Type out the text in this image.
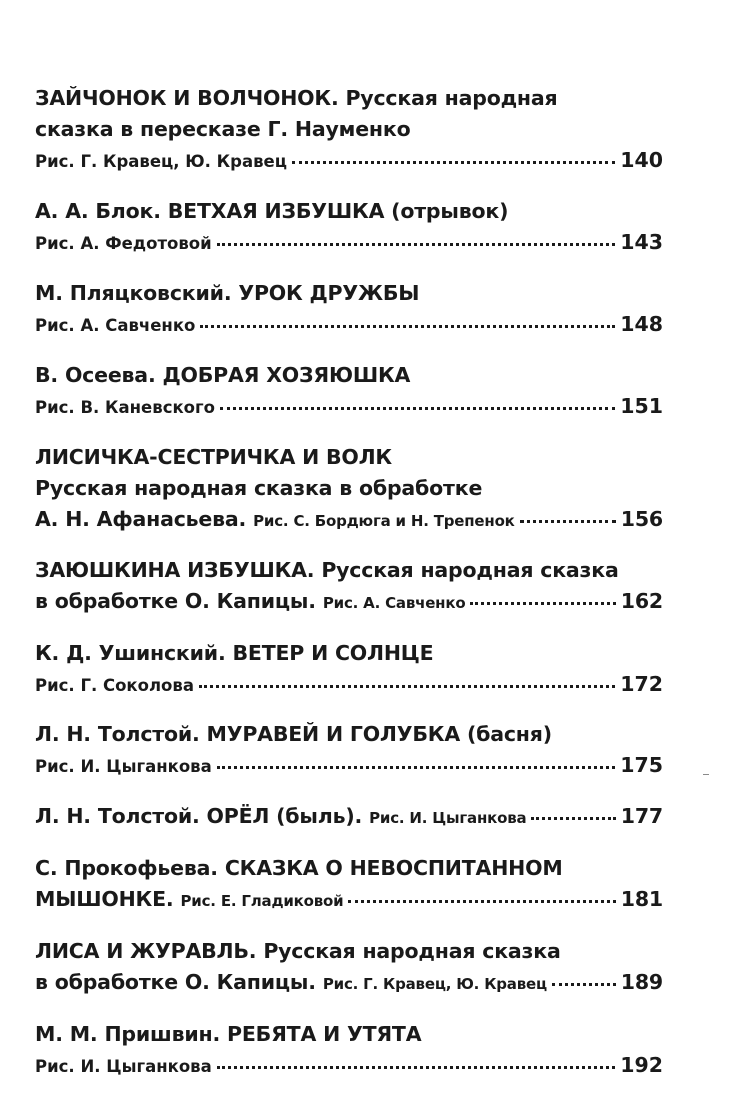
ЗАЙЧОНОК И ВОЛЧОНОК. Русская народная
сказка в пересказе Г. Науменко
Рис. Г. Кравец, Ю. Кравец	140
А. А. Блок. ВЕТХАЯ ИЗБУШКА (отрывок)
Рис. А. Федотовой	143
М. Пляцковский. УРОК ДРУЖБЫ
Рис. А. Савченко	148
В. Осеева. ДОБРАЯ ХОЗЯЮШКА
Рис. В. Каневского	151
ЛИСИЧКА-СЕСТРИЧКА И ВОЛК
Русская народная сказка в обработке
А. Н. Афанасьева. Рис. С. Бордюга и Н. Трепенок	156
ЗАЮШКИНА ИЗБУШКА. Русская народная сказка
в обработке О. Капицы. Рис. А. Савченко	162
К. Д. Ушинский. ВЕТЕР И СОЛНЦЕ
Рис. Г. Соколова	172
Л. Н. Толстой. МУРАВЕЙ И ГОЛУБКА (басня)
Рис. И. Цыганкова	175
Л. Н. Толстой. ОРЁЛ (быль). Рис. И. Цыганкова	177
С. Прокофьева. СКАЗКА О НЕВОСПИТАННОМ
МЫШОНКЕ. Рис. Е. Гладиковой	181
ЛИСА И ЖУРАВЛЬ. Русская народная сказка
в обработке О. Капицы. Рис. Г. Кравец, Ю. Кравец	189
М. М. Пришвин. РЕБЯТА И УТЯТА
Рис. И. Цыганкова	192
